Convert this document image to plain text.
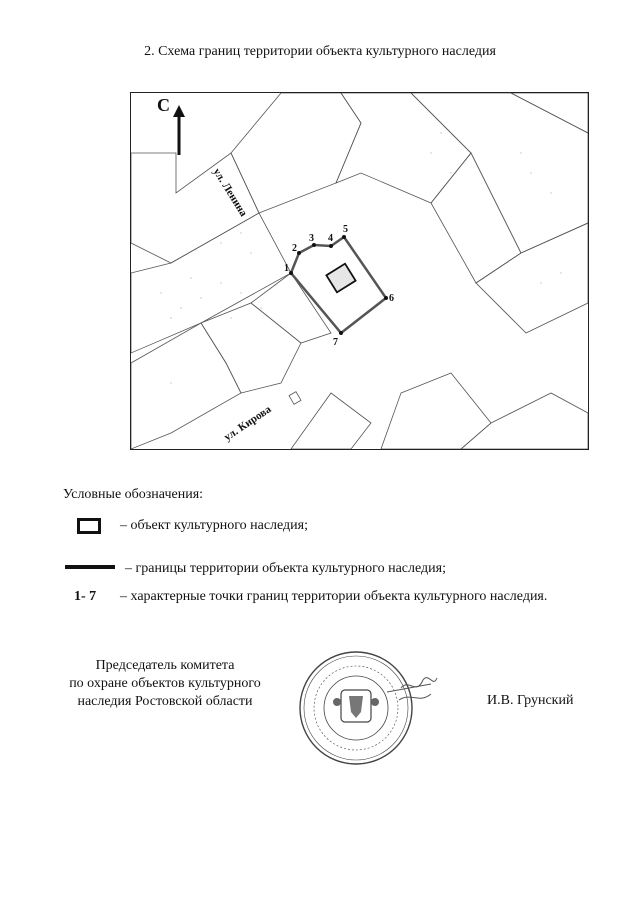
2. Схема границ территории объекта культурного наследия
С
1
2
3 4
5
6
7
ул. Ленина
ул. Кирова
Условные обозначения:
– объект культурного наследия;
– границы территории объекта культурного наследия;
1- 7 – характерные точки границ территории объекта культурного наследия.
Председатель комитета
по охране объектов культурного
наследия Ростовской области	И.В. Грунский
